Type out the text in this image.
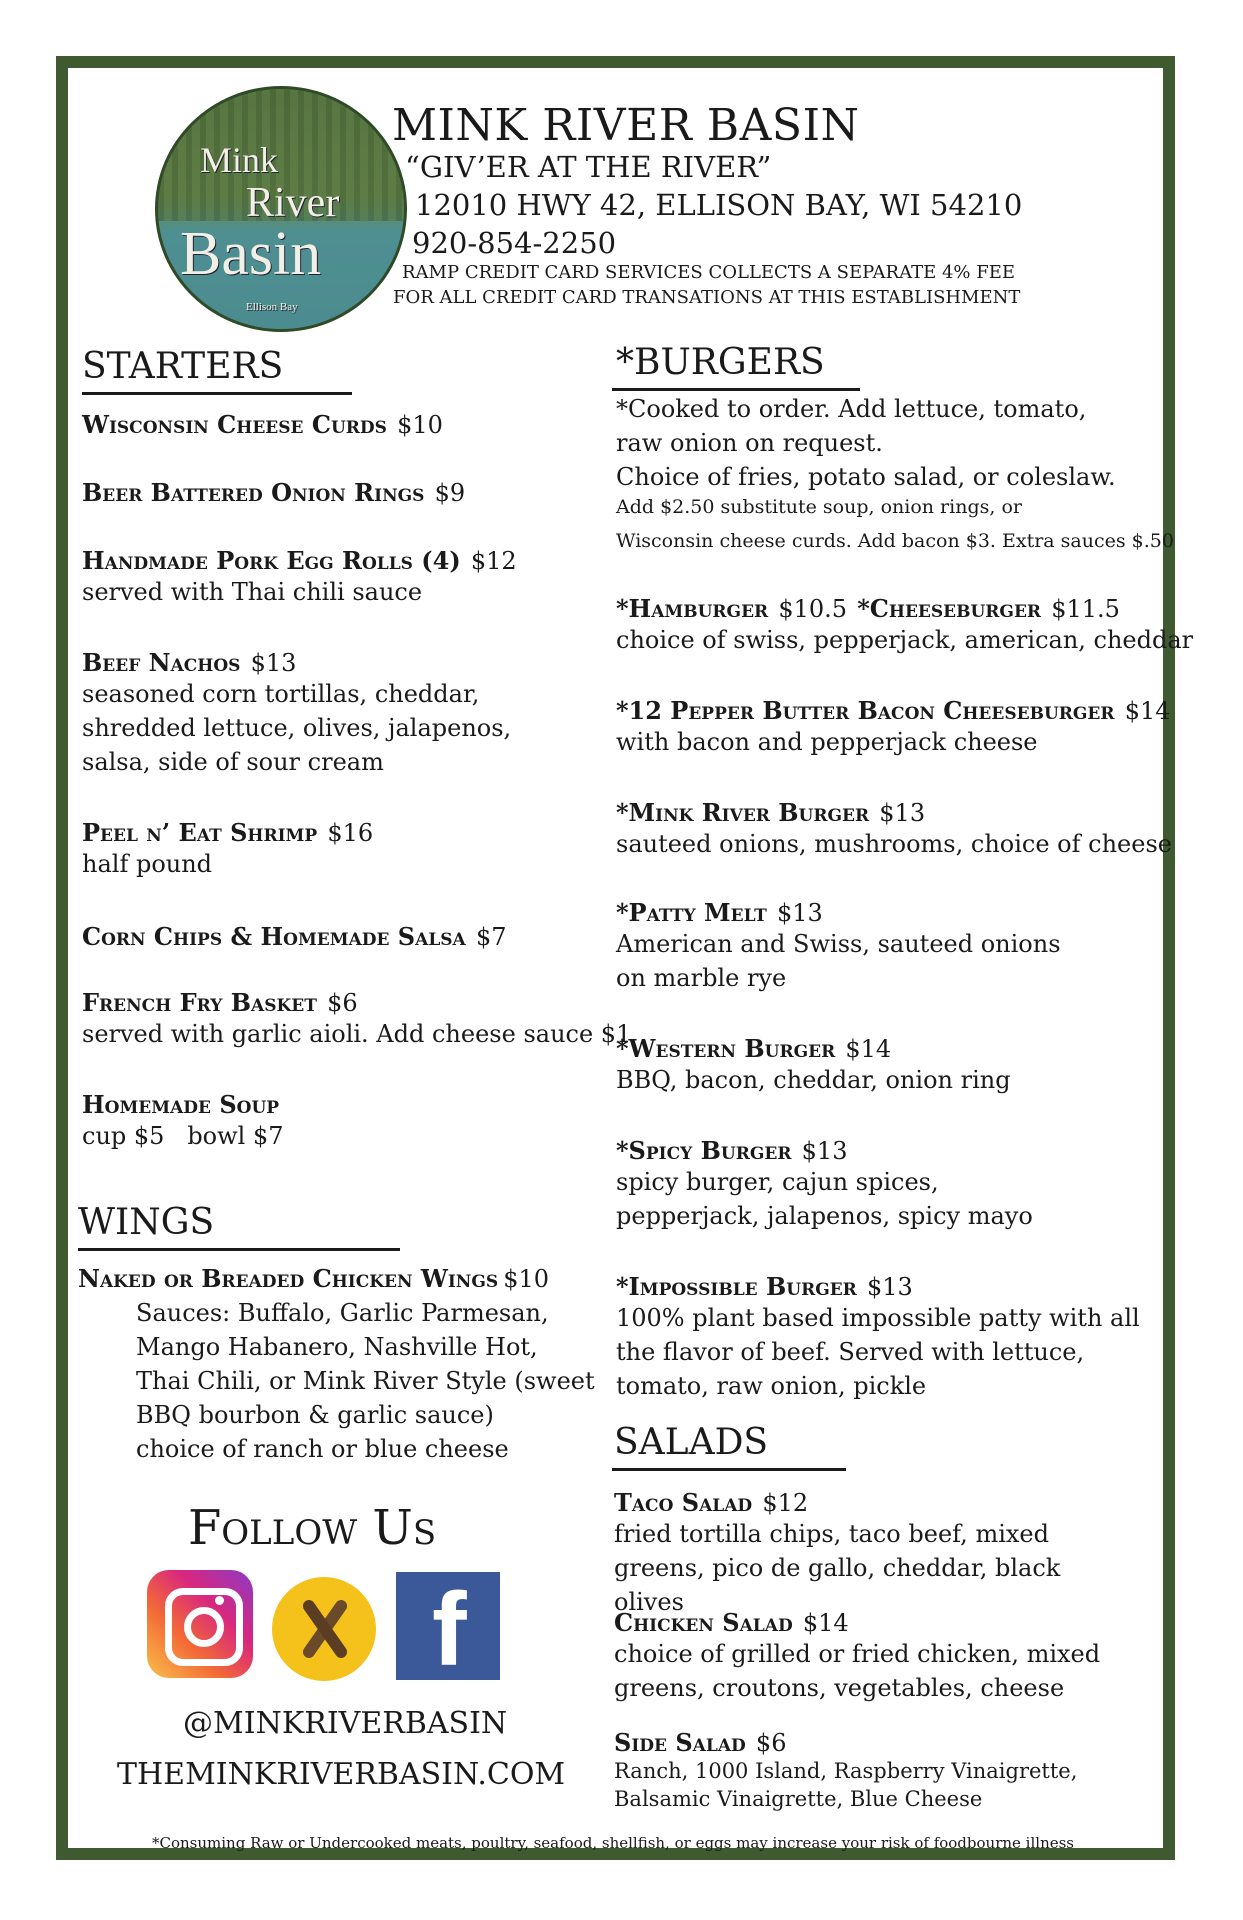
Mink
River
Basin
Ellison Bay
MINK RIVER BASIN
“GIV’ER AT THE RIVER”
12010 HWY 42, ELLISON BAY, WI 54210
920-854-2250
RAMP CREDIT CARD SERVICES COLLECTS A SEPARATE 4% FEE
FOR ALL CREDIT CARD TRANSATIONS AT THIS ESTABLISHMENT
STARTERS
Wisconsin Cheese Curds $10
Beer Battered Onion Rings $9
Handmade Pork Egg Rolls (4) $12
served with Thai chili sauce
Beef Nachos $13
seasoned corn tortillas, cheddar, shredded lettuce, olives, jalapenos, salsa, side of sour cream
Peel n’ Eat Shrimp $16
half pound
Corn Chips & Homemade Salsa $7
French Fry Basket $6
served with garlic aioli. Add cheese sauce $1
Homemade Soup
cup $5   bowl $7
WINGS
Naked or Breaded Chicken Wings $10
Sauces: Buffalo, Garlic Parmesan, Mango Habanero, Nashville Hot, Thai Chili, or Mink River Style (sweet BBQ bourbon & garlic sauce)
choice of ranch or blue cheese
Follow Us
f
@MINKRIVERBASIN
THEMINKRIVERBASIN.COM
*BURGERS
*Cooked to order. Add lettuce, tomato,
raw onion on request.
Choice of fries, potato salad, or coleslaw.
Add $2.50 substitute soup, onion rings, or
Wisconsin cheese curds. Add bacon $3. Extra sauces $.50
*Hamburger $10.5 *Cheeseburger $11.5
choice of swiss, pepperjack, american, cheddar
*12 Pepper Butter Bacon Cheeseburger $14
with bacon and pepperjack cheese
*Mink River Burger $13
sauteed onions, mushrooms, choice of cheese
*Patty Melt $13
American and Swiss, sauteed onions on marble rye
*Western Burger $14
BBQ, bacon, cheddar, onion ring
*Spicy Burger $13
spicy burger, cajun spices, pepperjack, jalapenos, spicy mayo
*Impossible Burger $13
100% plant based impossible patty with all the flavor of beef. Served with lettuce, tomato, raw onion, pickle
SALADS
Taco Salad $12
fried tortilla chips, taco beef, mixed greens, pico de gallo, cheddar, black olives
Chicken Salad $14
choice of grilled or fried chicken, mixed greens, croutons, vegetables, cheese
Side Salad $6
Ranch, 1000 Island, Raspberry Vinaigrette, Balsamic Vinaigrette, Blue Cheese
*Consuming Raw or Undercooked meats, poultry, seafood, shellfish, or eggs may increase your risk of foodbourne illness
